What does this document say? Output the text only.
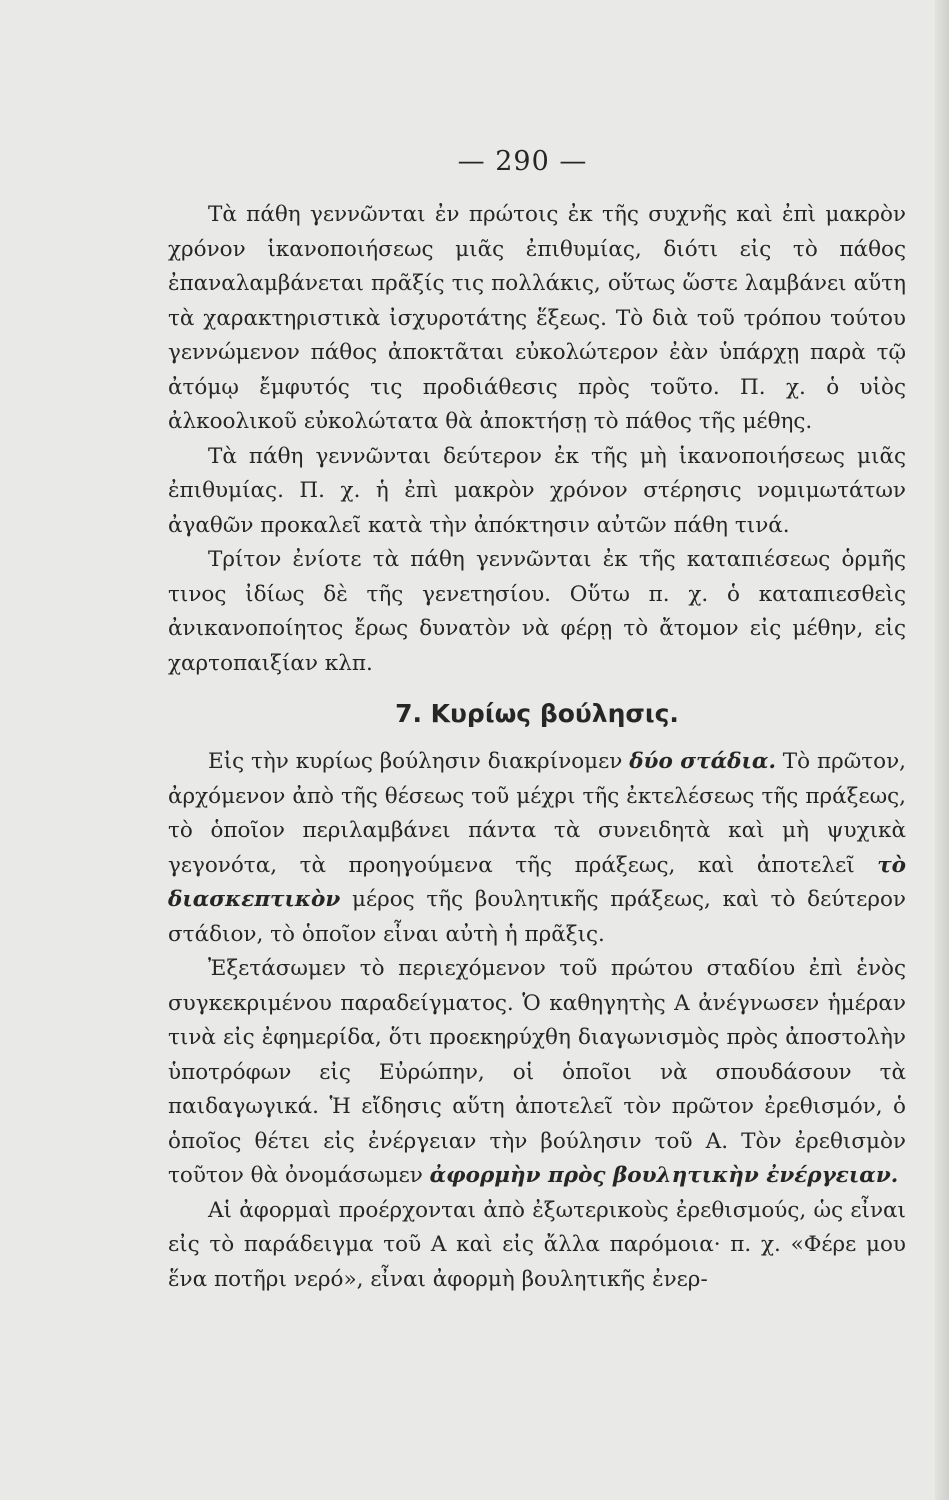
— 290 —

Τὰ πάθη γεννῶνται ἐν πρώτοις ἐκ τῆς συχνῆς καὶ ἐπὶ μακρὸν χρόνον ἱκανοποιήσεως μιᾶς ἐπιθυμίας, διότι εἰς τὸ πάθος ἐπαναλαμβάνεται πρᾶξίς τις πολλάκις, οὕτως ὥστε λαμβάνει αὕτη τὰ χαρακτηριστικὰ ἰσχυροτάτης ἕξεως. Τὸ διὰ τοῦ τρόπου τούτου γεννώμενον πάθος ἀποκτᾶται εὐκολώτερον ἐὰν ὑπάρχῃ παρὰ τῷ ἀτόμῳ ἔμφυτός τις προδιάθεσις πρὸς τοῦτο. Π. χ. ὁ υἱὸς ἀλκοολικοῦ εὐκολώτατα θὰ ἀποκτήσῃ τὸ πάθος τῆς μέθης.

Τὰ πάθη γεννῶνται δεύτερον ἐκ τῆς μὴ ἱκανοποιήσεως μιᾶς ἐπιθυμίας. Π. χ. ἡ ἐπὶ μακρὸν χρόνον στέρησις νομιμωτάτων ἀγαθῶν προκαλεῖ κατὰ τὴν ἀπόκτησιν αὐτῶν πάθη τινά.

Τρίτον ἐνίοτε τὰ πάθη γεννῶνται ἐκ τῆς καταπιέσεως ὁρμῆς τινος ἰδίως δὲ τῆς γενετησίου. Οὕτω π. χ. ὁ καταπιεσθεὶς ἀνικανοποίητος ἔρως δυνατὸν νὰ φέρῃ τὸ ἄτομον εἰς μέθην, εἰς χαρτοπαιξίαν κλπ.

7. Κυρίως βούλησις.

Εἰς τὴν κυρίως βούλησιν διακρίνομεν δύο στάδια. Τὸ πρῶτον, ἀρχόμενον ἀπὸ τῆς θέσεως τοῦ μέχρι τῆς ἐκτελέσεως τῆς πράξεως, τὸ ὁποῖον περιλαμβάνει πάντα τὰ συνειδητὰ καὶ μὴ ψυχικὰ γεγονότα, τὰ προηγούμενα τῆς πράξεως, καὶ ἀποτελεῖ τὸ διασκεπτικὸν μέρος τῆς βουλητικῆς πράξεως, καὶ τὸ δεύτερον στάδιον, τὸ ὁποῖον εἶναι αὐτὴ ἡ πρᾶξις.

Ἐξετάσωμεν τὸ περιεχόμενον τοῦ πρώτου σταδίου ἐπὶ ἑνὸς συγκεκριμένου παραδείγματος. Ὁ καθηγητὴς Α ἀνέγνωσεν ἡμέραν τινὰ εἰς ἐφημερίδα, ὅτι προεκηρύχθη διαγωνισμὸς πρὸς ἀποστολὴν ὑποτρόφων εἰς Εὐρώπην, οἱ ὁποῖοι νὰ σπουδάσουν τὰ παιδαγωγικά. Ἡ εἴδησις αὕτη ἀποτελεῖ τὸν πρῶτον ἐρεθισμόν, ὁ ὁποῖος θέτει εἰς ἐνέργειαν τὴν βούλησιν τοῦ Α. Τὸν ἐρεθισμὸν τοῦτον θὰ ὀνομάσωμεν ἀφορμὴν πρὸς βουλητικὴν ἐνέργειαν.

Αἱ ἀφορμαὶ προέρχονται ἀπὸ ἐξωτερικοὺς ἐρεθισμούς, ὡς εἶναι εἰς τὸ παράδειγμα τοῦ Α καὶ εἰς ἄλλα παρόμοια· π. χ. «Φέρε μου ἕνα ποτῆρι νερό», εἶναι ἀφορμὴ βουλητικῆς ἐνερ-
